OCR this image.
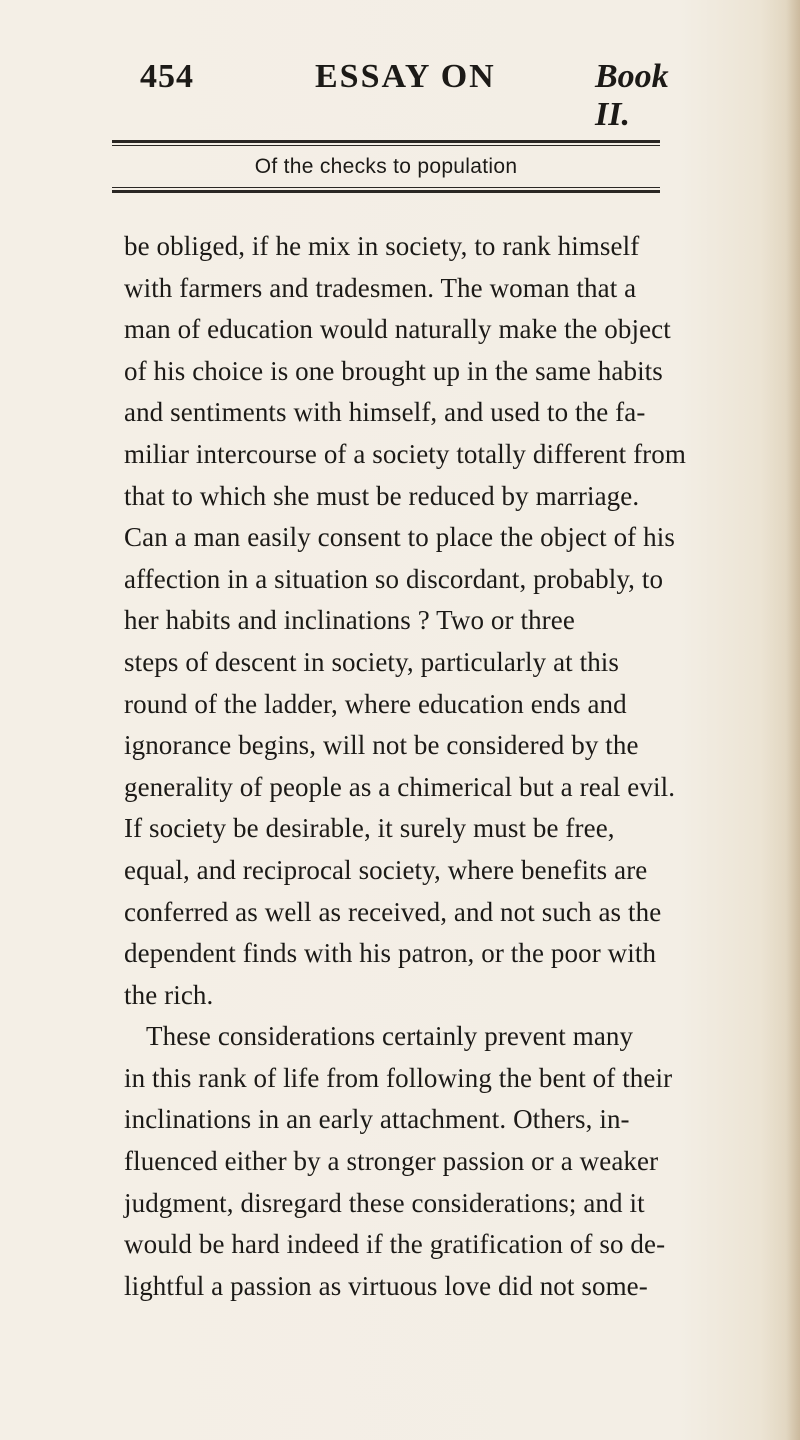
454	ESSAY ON	Book II.
Of the checks to population
be obliged, if he mix in society, to rank himself
with farmers and tradesmen. The woman that a
man of education would naturally make the object
of his choice is one brought up in the same habits
and sentiments with himself, and used to the fa-
miliar intercourse of a society totally different from
that to which she must be reduced by marriage.
Can a man easily consent to place the object of his
affection in a situation so discordant, probably, to
her habits and inclinations ? Two or three
steps of descent in society, particularly at this
round of the ladder, where education ends and
ignorance begins, will not be considered by the
generality of people as a chimerical but a real evil.
If society be desirable, it surely must be free,
equal, and reciprocal society, where benefits are
conferred as well as received, and not such as the
dependent finds with his patron, or the poor with
the rich.
These considerations certainly prevent many
in this rank of life from following the bent of their
inclinations in an early attachment. Others, in-
fluenced either by a stronger passion or a weaker
judgment, disregard these considerations; and it
would be hard indeed if the gratification of so de-
lightful a passion as virtuous love did not some-
